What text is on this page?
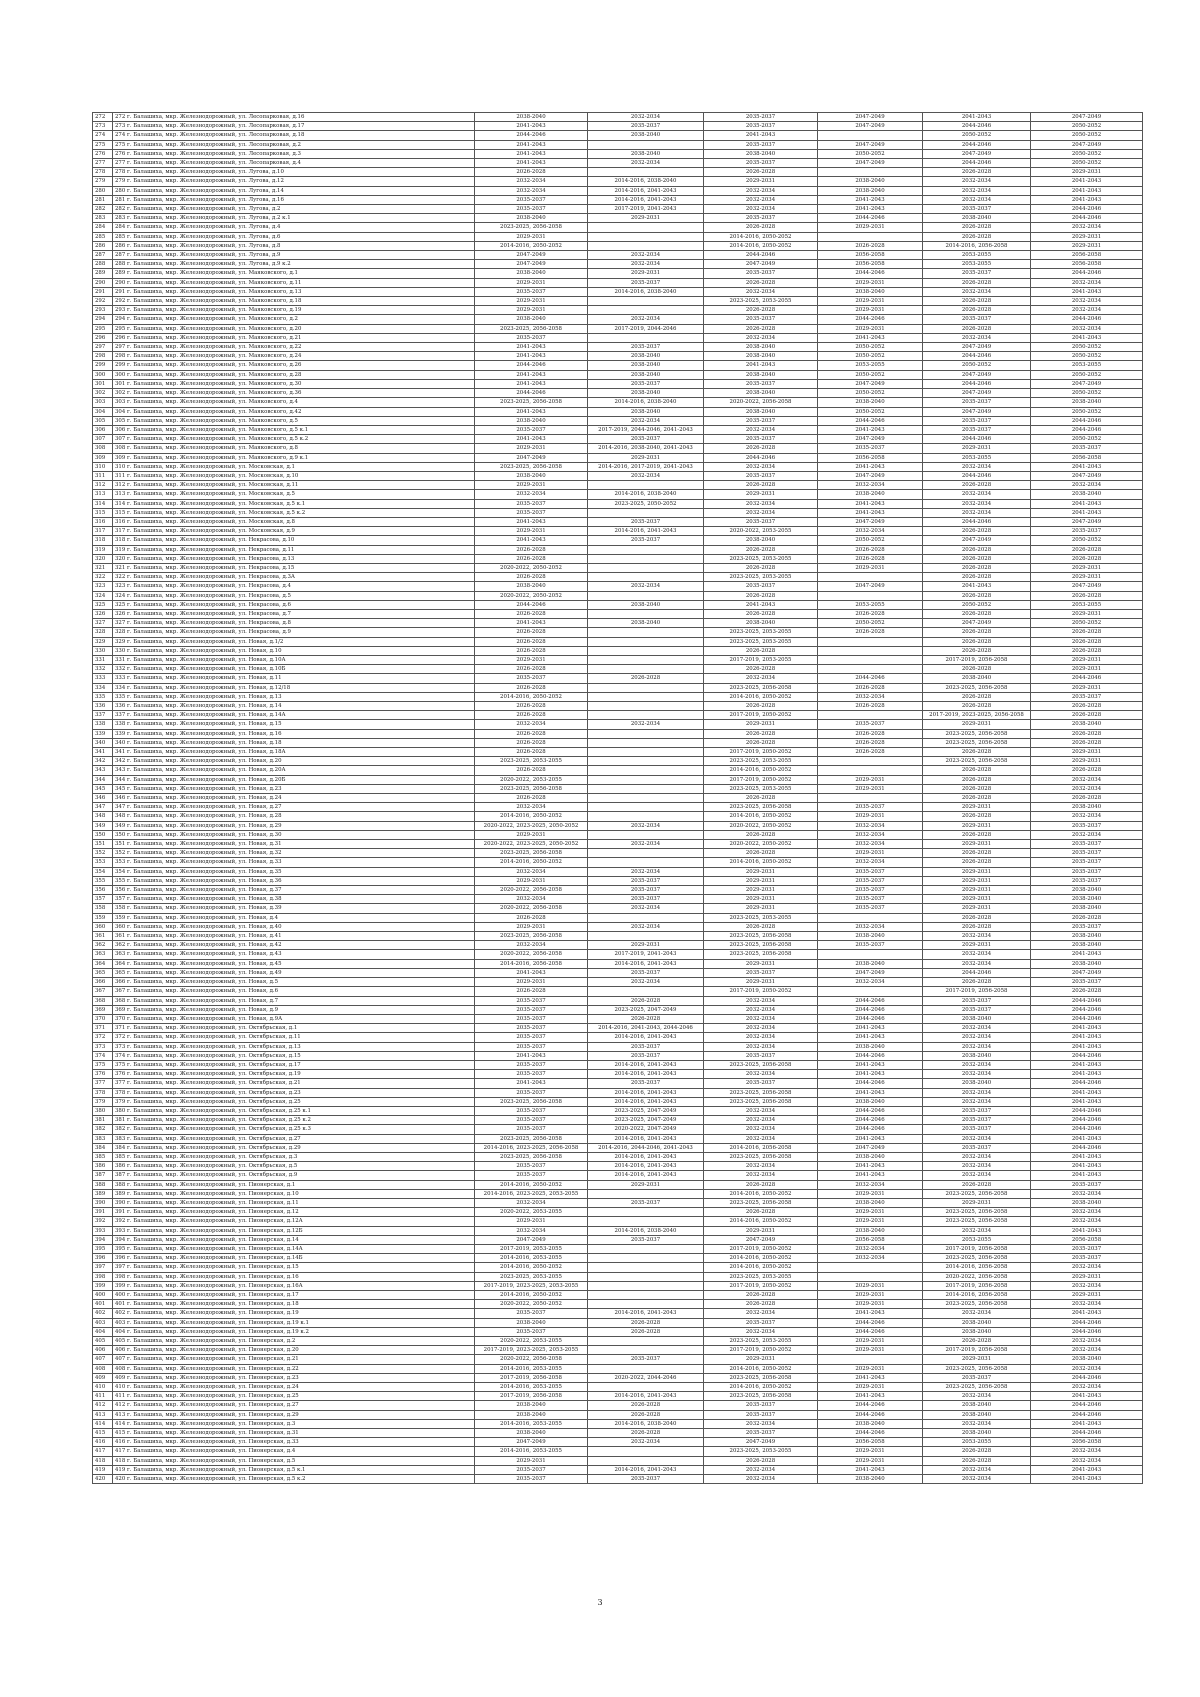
272	272 г. Балашиха, мкр. Железнодорожный, ул. Лесопарковая, д.16	2038-2040	2032-2034	2035-2037	2047-2049	2041-2043	2047-2049
273	273 г. Балашиха, мкр. Железнодорожный, ул. Лесопарковая, д.17	2041-2043	2035-2037	2035-2037	2047-2049	2044-2046	2050-2052
274	274 г. Балашиха, мкр. Железнодорожный, ул. Лесопарковая, д.18	2044-2046	2038-2040	2041-2043		2050-2052	2050-2052
275	275 г. Балашиха, мкр. Железнодорожный, ул. Лесопарковая, д.2	2041-2043		2035-2037	2047-2049	2044-2046	2047-2049
276	276 г. Балашиха, мкр. Железнодорожный, ул. Лесопарковая, д.3	2041-2043	2038-2040	2038-2040	2050-2052	2047-2049	2050-2052
277	277 г. Балашиха, мкр. Железнодорожный, ул. Лесопарковая, д.4	2041-2043	2032-2034	2035-2037	2047-2049	2044-2046	2050-2052
278	278 г. Балашиха, мкр. Железнодорожный, ул. Лугова, д.10	2026-2028		2026-2028		2026-2028	2029-2031
279	279 г. Балашиха, мкр. Железнодорожный, ул. Лугова, д.12	2032-2034	2014-2016, 2038-2040	2029-2031	2038-2040	2032-2034	2041-2043
280	280 г. Балашиха, мкр. Железнодорожный, ул. Лугова, д.14	2032-2034	2014-2016, 2041-2043	2032-2034	2038-2040	2032-2034	2041-2043
281	281 г. Балашиха, мкр. Железнодорожный, ул. Лугова, д.16	2035-2037	2014-2016, 2041-2043	2032-2034	2041-2043	2032-2034	2041-2043
282	282 г. Балашиха, мкр. Железнодорожный, ул. Лугова, д.2	2035-2037	2017-2019, 2041-2043	2032-2034	2041-2043	2035-2037	2044-2046
283	283 г. Балашиха, мкр. Железнодорожный, ул. Лугова, д.2 к.1	2038-2040	2029-2031	2035-2037	2044-2046	2038-2040	2044-2046
284	284 г. Балашиха, мкр. Железнодорожный, ул. Лугова, д.4	2023-2025, 2056-2058		2026-2028	2029-2031	2026-2028	2032-2034
285	285 г. Балашиха, мкр. Железнодорожный, ул. Лугова, д.6	2029-2031		2014-2016, 2050-2052		2026-2028	2029-2031
286	286 г. Балашиха, мкр. Железнодорожный, ул. Лугова, д.8	2014-2016, 2050-2052		2014-2016, 2050-2052	2026-2028	2014-2016, 2056-2058	2029-2031
287	287 г. Балашиха, мкр. Железнодорожный, ул. Лугова, д.9	2047-2049	2032-2034	2044-2046	2056-2058	2053-2055	2056-2058
288	288 г. Балашиха, мкр. Железнодорожный, ул. Лугова, д.9 к.2	2047-2049	2032-2034	2047-2049	2056-2058	2053-2055	2056-2058
289	289 г. Балашиха, мкр. Железнодорожный, ул. Маяковского, д.1	2038-2040	2029-2031	2035-2037	2044-2046	2035-2037	2044-2046
290	290 г. Балашиха, мкр. Железнодорожный, ул. Маяковского, д.11	2029-2031	2035-2037	2026-2028	2029-2031	2026-2028	2032-2034
291	291 г. Балашиха, мкр. Железнодорожный, ул. Маяковского, д.13	2035-2037	2014-2016, 2038-2040	2032-2034	2038-2040	2032-2034	2041-2043
292	292 г. Балашиха, мкр. Железнодорожный, ул. Маяковского, д.18	2029-2031		2023-2025, 2053-2055	2029-2031	2026-2028	2032-2034
293	293 г. Балашиха, мкр. Железнодорожный, ул. Маяковского, д.19	2029-2031		2026-2028	2029-2031	2026-2028	2032-2034
294	294 г. Балашиха, мкр. Железнодорожный, ул. Маяковского, д.2	2038-2040	2032-2034	2035-2037	2044-2046	2035-2037	2044-2046
295	295 г. Балашиха, мкр. Железнодорожный, ул. Маяковского, д.20	2023-2025, 2056-2058	2017-2019, 2044-2046	2026-2028	2029-2031	2026-2028	2032-2034
296	296 г. Балашиха, мкр. Железнодорожный, ул. Маяковского, д.21	2035-2037		2032-2034	2041-2043	2032-2034	2041-2043
297	297 г. Балашиха, мкр. Железнодорожный, ул. Маяковского, д.22	2041-2043	2035-2037	2038-2040	2050-2052	2047-2049	2050-2052
298	298 г. Балашиха, мкр. Железнодорожный, ул. Маяковского, д.24	2041-2043	2038-2040	2038-2040	2050-2052	2044-2046	2050-2052
299	299 г. Балашиха, мкр. Железнодорожный, ул. Маяковского, д.26	2044-2046	2038-2040	2041-2043	2053-2055	2050-2052	2053-2055
300	300 г. Балашиха, мкр. Железнодорожный, ул. Маяковского, д.28	2041-2043	2038-2040	2038-2040	2050-2052	2047-2049	2050-2052
301	301 г. Балашиха, мкр. Железнодорожный, ул. Маяковского, д.30	2041-2043	2035-2037	2035-2037	2047-2049	2044-2046	2047-2049
302	302 г. Балашиха, мкр. Железнодорожный, ул. Маяковского, д.36	2044-2046	2038-2040	2038-2040	2050-2052	2047-2049	2050-2052
303	303 г. Балашиха, мкр. Железнодорожный, ул. Маяковского, д.4	2023-2025, 2056-2058	2014-2016, 2038-2040	2020-2022, 2056-2058	2038-2040	2035-2037	2038-2040
304	304 г. Балашиха, мкр. Железнодорожный, ул. Маяковского, д.42	2041-2043	2038-2040	2038-2040	2050-2052	2047-2049	2050-2052
305	305 г. Балашиха, мкр. Железнодорожный, ул. Маяковского, д.5	2038-2040	2032-2034	2035-2037	2044-2046	2035-2037	2044-2046
306	306 г. Балашиха, мкр. Железнодорожный, ул. Маяковского, д.5 к.1	2035-2037	2017-2019, 2044-2046, 2041-2043	2032-2034	2041-2043	2035-2037	2044-2046
307	307 г. Балашиха, мкр. Железнодорожный, ул. Маяковского, д.5 к.2	2041-2043	2035-2037	2035-2037	2047-2049	2044-2046	2050-2052
308	308 г. Балашиха, мкр. Железнодорожный, ул. Маяковского, д.8	2029-2031	2014-2016, 2038-2040, 2041-2043	2026-2028	2035-2037	2029-2031	2035-2037
309	309 г. Балашиха, мкр. Железнодорожный, ул. Маяковского, д.9 к.1	2047-2049	2029-2031	2044-2046	2056-2058	2053-2055	2056-2058
310	310 г. Балашиха, мкр. Железнодорожный, ул. Московская, д.1	2023-2025, 2056-2058	2014-2016, 2017-2019, 2041-2043	2032-2034	2041-2043	2032-2034	2041-2043
311	311 г. Балашиха, мкр. Железнодорожный, ул. Московская, д.10	2038-2040	2032-2034	2035-2037	2047-2049	2044-2046	2047-2049
312	312 г. Балашиха, мкр. Железнодорожный, ул. Московская, д.11	2029-2031		2026-2028	2032-2034	2026-2028	2032-2034
313	313 г. Балашиха, мкр. Железнодорожный, ул. Московская, д.5	2032-2034	2014-2016, 2038-2040	2029-2031	2038-2040	2032-2034	2038-2040
314	314 г. Балашиха, мкр. Железнодорожный, ул. Московская, д.5 к.1	2035-2037	2023-2025, 2050-2052	2032-2034	2041-2043	2032-2034	2041-2043
315	315 г. Балашиха, мкр. Железнодорожный, ул. Московская, д.5 к.2	2035-2037		2032-2034	2041-2043	2032-2034	2041-2043
316	316 г. Балашиха, мкр. Железнодорожный, ул. Московская, д.8	2041-2043	2035-2037	2035-2037	2047-2049	2044-2046	2047-2049
317	317 г. Балашиха, мкр. Железнодорожный, ул. Московская, д.9	2029-2031	2014-2016, 2041-2043	2020-2022, 2053-2055	2032-2034	2026-2028	2035-2037
318	318 г. Балашиха, мкр. Железнодорожный, ул. Некрасова, д.10	2041-2043	2035-2037	2038-2040	2050-2052	2047-2049	2050-2052
319	319 г. Балашиха, мкр. Железнодорожный, ул. Некрасова, д.11	2026-2028		2026-2028	2026-2028	2026-2028	2026-2028
320	320 г. Балашиха, мкр. Железнодорожный, ул. Некрасова, д.13	2026-2028		2023-2025, 2053-2055	2026-2028	2026-2028	2026-2028
321	321 г. Балашиха, мкр. Железнодорожный, ул. Некрасова, д.15	2020-2022, 2050-2052		2026-2028	2029-2031	2026-2028	2029-2031
322	322 г. Балашиха, мкр. Железнодорожный, ул. Некрасова, д.3А	2026-2028		2023-2025, 2053-2055		2026-2028	2029-2031
323	323 г. Балашиха, мкр. Железнодорожный, ул. Некрасова, д.4	2038-2040	2032-2034	2035-2037	2047-2049	2041-2043	2047-2049
324	324 г. Балашиха, мкр. Железнодорожный, ул. Некрасова, д.5	2020-2022, 2050-2052		2026-2028		2026-2028	2026-2028
325	325 г. Балашиха, мкр. Железнодорожный, ул. Некрасова, д.6	2044-2046	2038-2040	2041-2043	2053-2055	2050-2052	2053-2055
326	326 г. Балашиха, мкр. Железнодорожный, ул. Некрасова, д.7	2026-2028		2026-2028	2026-2028	2026-2028	2029-2031
327	327 г. Балашиха, мкр. Железнодорожный, ул. Некрасова, д.8	2041-2043	2038-2040	2038-2040	2050-2052	2047-2049	2050-2052
328	328 г. Балашиха, мкр. Железнодорожный, ул. Некрасова, д.9	2026-2028		2023-2025, 2053-2055	2026-2028	2026-2028	2026-2028
329	329 г. Балашиха, мкр. Железнодорожный, ул. Новая, д.1/2	2026-2028		2023-2025, 2053-2055		2026-2028	2026-2028
330	330 г. Балашиха, мкр. Железнодорожный, ул. Новая, д.10	2026-2028		2026-2028		2026-2028	2026-2028
331	331 г. Балашиха, мкр. Железнодорожный, ул. Новая, д.10А	2029-2031		2017-2019, 2053-2055		2017-2019, 2056-2058	2029-2031
332	332 г. Балашиха, мкр. Железнодорожный, ул. Новая, д.10Б	2026-2028		2026-2028		2026-2028	2029-2031
333	333 г. Балашиха, мкр. Железнодорожный, ул. Новая, д.11	2035-2037	2026-2028	2032-2034	2044-2046	2038-2040	2044-2046
334	334 г. Балашиха, мкр. Железнодорожный, ул. Новая, д.12/18	2026-2028		2023-2025, 2056-2058	2026-2028	2023-2025, 2056-2058	2029-2031
335	335 г. Балашиха, мкр. Железнодорожный, ул. Новая, д.13	2014-2016, 2050-2052		2014-2016, 2050-2052	2032-2034	2026-2028	2035-2037
336	336 г. Балашиха, мкр. Железнодорожный, ул. Новая, д.14	2026-2028		2026-2028	2026-2028	2026-2028	2026-2028
337	337 г. Балашиха, мкр. Железнодорожный, ул. Новая, д.14А	2026-2028		2017-2019, 2050-2052		2017-2019, 2023-2025, 2056-2058	2026-2028
338	338 г. Балашиха, мкр. Железнодорожный, ул. Новая, д.15	2032-2034	2032-2034	2029-2031	2035-2037	2029-2031	2038-2040
339	339 г. Балашиха, мкр. Железнодорожный, ул. Новая, д.16	2026-2028		2026-2028	2026-2028	2023-2025, 2056-2058	2026-2028
340	340 г. Балашиха, мкр. Железнодорожный, ул. Новая, д.18	2026-2028		2026-2028	2026-2028	2023-2025, 2056-2058	2026-2028
341	341 г. Балашиха, мкр. Железнодорожный, ул. Новая, д.18А	2026-2028		2017-2019, 2050-2052	2026-2028	2026-2028	2029-2031
342	342 г. Балашиха, мкр. Железнодорожный, ул. Новая, д.20	2023-2025, 2053-2055		2023-2025, 2053-2055		2023-2025, 2056-2058	2029-2031
343	343 г. Балашиха, мкр. Железнодорожный, ул. Новая, д.20А	2026-2028		2014-2016, 2050-2052		2026-2028	2026-2028
344	344 г. Балашиха, мкр. Железнодорожный, ул. Новая, д.20Б	2020-2022, 2053-2055		2017-2019, 2050-2052	2029-2031	2026-2028	2032-2034
345	345 г. Балашиха, мкр. Железнодорожный, ул. Новая, д.23	2023-2025, 2056-2058		2023-2025, 2053-2055	2029-2031	2026-2028	2032-2034
346	346 г. Балашиха, мкр. Железнодорожный, ул. Новая, д.24	2026-2028		2026-2028		2026-2028	2026-2028
347	347 г. Балашиха, мкр. Железнодорожный, ул. Новая, д.27	2032-2034		2023-2025, 2056-2058	2035-2037	2029-2031	2038-2040
348	348 г. Балашиха, мкр. Железнодорожный, ул. Новая, д.28	2014-2016, 2050-2052		2014-2016, 2050-2052	2029-2031	2026-2028	2032-2034
349	349 г. Балашиха, мкр. Железнодорожный, ул. Новая, д.29	2020-2022, 2023-2025, 2050-2052	2032-2034	2020-2022, 2050-2052	2032-2034	2029-2031	2035-2037
350	350 г. Балашиха, мкр. Железнодорожный, ул. Новая, д.30	2029-2031		2026-2028	2032-2034	2026-2028	2032-2034
351	351 г. Балашиха, мкр. Железнодорожный, ул. Новая, д.31	2020-2022, 2023-2025, 2050-2052	2032-2034	2020-2022, 2050-2052	2032-2034	2029-2031	2035-2037
352	352 г. Балашиха, мкр. Железнодорожный, ул. Новая, д.32	2023-2025, 2056-2058		2026-2028	2029-2031	2026-2028	2035-2037
353	353 г. Балашиха, мкр. Железнодорожный, ул. Новая, д.33	2014-2016, 2050-2052		2014-2016, 2050-2052	2032-2034	2026-2028	2035-2037
354	354 г. Балашиха, мкр. Железнодорожный, ул. Новая, д.35	2032-2034	2032-2034	2029-2031	2035-2037	2029-2031	2035-2037
355	355 г. Балашиха, мкр. Железнодорожный, ул. Новая, д.36	2029-2031	2035-2037	2029-2031	2035-2037	2029-2031	2035-2037
356	356 г. Балашиха, мкр. Железнодорожный, ул. Новая, д.37	2020-2022, 2056-2058	2035-2037	2029-2031	2035-2037	2029-2031	2038-2040
357	357 г. Балашиха, мкр. Железнодорожный, ул. Новая, д.38	2032-2034	2035-2037	2029-2031	2035-2037	2029-2031	2038-2040
358	358 г. Балашиха, мкр. Железнодорожный, ул. Новая, д.39	2020-2022, 2056-2058	2032-2034	2029-2031	2035-2037	2029-2031	2038-2040
359	359 г. Балашиха, мкр. Железнодорожный, ул. Новая, д.4	2026-2028		2023-2025, 2053-2055		2026-2028	2026-2028
360	360 г. Балашиха, мкр. Железнодорожный, ул. Новая, д.40	2029-2031	2032-2034	2026-2028	2032-2034	2026-2028	2035-2037
361	361 г. Балашиха, мкр. Железнодорожный, ул. Новая, д.41	2023-2025, 2056-2058		2023-2025, 2056-2058	2038-2040	2032-2034	2038-2040
362	362 г. Балашиха, мкр. Железнодорожный, ул. Новая, д.42	2032-2034	2029-2031	2023-2025, 2056-2058	2035-2037	2029-2031	2038-2040
363	363 г. Балашиха, мкр. Железнодорожный, ул. Новая, д.43	2020-2022, 2056-2058	2017-2019, 2041-2043	2023-2025, 2056-2058		2032-2034	2041-2043
364	364 г. Балашиха, мкр. Железнодорожный, ул. Новая, д.45	2014-2016, 2056-2058	2014-2016, 2041-2043	2029-2031	2038-2040	2032-2034	2038-2040
365	365 г. Балашиха, мкр. Железнодорожный, ул. Новая, д.49	2041-2043	2035-2037	2035-2037	2047-2049	2044-2046	2047-2049
366	366 г. Балашиха, мкр. Железнодорожный, ул. Новая, д.5	2029-2031	2032-2034	2029-2031	2032-2034	2026-2028	2035-2037
367	367 г. Балашиха, мкр. Железнодорожный, ул. Новая, д.6	2026-2028		2017-2019, 2050-2052		2017-2019, 2056-2058	2026-2028
368	368 г. Балашиха, мкр. Железнодорожный, ул. Новая, д.7	2035-2037	2026-2028	2032-2034	2044-2046	2035-2037	2044-2046
369	369 г. Балашиха, мкр. Железнодорожный, ул. Новая, д.9	2035-2037	2023-2025, 2047-2049	2032-2034	2044-2046	2035-2037	2044-2046
370	370 г. Балашиха, мкр. Железнодорожный, ул. Новая, д.9А	2035-2037	2026-2028	2032-2034	2044-2046	2038-2040	2044-2046
371	371 г. Балашиха, мкр. Железнодорожный, ул. Октябрьская, д.1	2035-2037	2014-2016, 2041-2043, 2044-2046	2032-2034	2041-2043	2032-2034	2041-2043
372	372 г. Балашиха, мкр. Железнодорожный, ул. Октябрьская, д.11	2035-2037	2014-2016, 2041-2043	2032-2034	2041-2043	2032-2034	2041-2043
373	373 г. Балашиха, мкр. Железнодорожный, ул. Октябрьская, д.13	2035-2037	2035-2037	2032-2034	2038-2040	2032-2034	2041-2043
374	374 г. Балашиха, мкр. Железнодорожный, ул. Октябрьская, д.15	2041-2043	2035-2037	2035-2037	2044-2046	2038-2040	2044-2046
375	375 г. Балашиха, мкр. Железнодорожный, ул. Октябрьская, д.17	2035-2037	2014-2016, 2041-2043	2023-2025, 2056-2058	2041-2043	2032-2034	2041-2043
376	376 г. Балашиха, мкр. Железнодорожный, ул. Октябрьская, д.19	2035-2037	2014-2016, 2041-2043	2032-2034	2041-2043	2032-2034	2041-2043
377	377 г. Балашиха, мкр. Железнодорожный, ул. Октябрьская, д.21	2041-2043	2035-2037	2035-2037	2044-2046	2038-2040	2044-2046
378	378 г. Балашиха, мкр. Железнодорожный, ул. Октябрьская, д.23	2035-2037	2014-2016, 2041-2043	2023-2025, 2056-2058	2041-2043	2032-2034	2041-2043
379	379 г. Балашиха, мкр. Железнодорожный, ул. Октябрьская, д.25	2023-2025, 2056-2058	2014-2016, 2041-2043	2023-2025, 2056-2058	2038-2040	2032-2034	2041-2043
380	380 г. Балашиха, мкр. Железнодорожный, ул. Октябрьская, д.25 к.1	2035-2037	2023-2025, 2047-2049	2032-2034	2044-2046	2035-2037	2044-2046
381	381 г. Балашиха, мкр. Железнодорожный, ул. Октябрьская, д.25 к.2	2035-2037	2023-2025, 2047-2049	2032-2034	2044-2046	2035-2037	2044-2046
382	382 г. Балашиха, мкр. Железнодорожный, ул. Октябрьская, д.25 к.3	2035-2037	2020-2022, 2047-2049	2032-2034	2044-2046	2035-2037	2044-2046
383	383 г. Балашиха, мкр. Железнодорожный, ул. Октябрьская, д.27	2023-2025, 2056-2058	2014-2016, 2041-2043	2032-2034	2041-2043	2032-2034	2041-2043
384	384 г. Балашиха, мкр. Железнодорожный, ул. Октябрьская, д.29	2014-2016, 2023-2025, 2056-2058	2014-2016, 2044-2046, 2041-2043	2014-2016, 2056-2058	2047-2049	2035-2037	2044-2046
385	385 г. Балашиха, мкр. Железнодорожный, ул. Октябрьская, д.3	2023-2025, 2056-2058	2014-2016, 2041-2043	2023-2025, 2056-2058	2038-2040	2032-2034	2041-2043
386	386 г. Балашиха, мкр. Железнодорожный, ул. Октябрьская, д.5	2035-2037	2014-2016, 2041-2043	2032-2034	2041-2043	2032-2034	2041-2043
387	387 г. Балашиха, мкр. Железнодорожный, ул. Октябрьская, д.9	2035-2037	2014-2016, 2041-2043	2032-2034	2041-2043	2032-2034	2041-2043
388	388 г. Балашиха, мкр. Железнодорожный, ул. Пионерская, д.1	2014-2016, 2050-2052	2029-2031	2026-2028	2032-2034	2026-2028	2035-2037
389	389 г. Балашиха, мкр. Железнодорожный, ул. Пионерская, д.10	2014-2016, 2023-2025, 2053-2055		2014-2016, 2050-2052	2029-2031	2023-2025, 2056-2058	2032-2034
390	390 г. Балашиха, мкр. Железнодорожный, ул. Пионерская, д.11	2032-2034	2035-2037	2023-2025, 2056-2058	2038-2040	2029-2031	2038-2040
391	391 г. Балашиха, мкр. Железнодорожный, ул. Пионерская, д.12	2020-2022, 2053-2055		2026-2028	2029-2031	2023-2025, 2056-2058	2032-2034
392	392 г. Балашиха, мкр. Железнодорожный, ул. Пионерская, д.12А	2029-2031		2014-2016, 2050-2052	2029-2031	2023-2025, 2056-2058	2032-2034
393	393 г. Балашиха, мкр. Железнодорожный, ул. Пионерская, д.12Б	2032-2034	2014-2016, 2038-2040	2029-2031	2038-2040	2032-2034	2041-2043
394	394 г. Балашиха, мкр. Железнодорожный, ул. Пионерская, д.14	2047-2049	2035-2037	2047-2049	2056-2058	2053-2055	2056-2058
395	395 г. Балашиха, мкр. Железнодорожный, ул. Пионерская, д.14А	2017-2019, 2053-2055		2017-2019, 2050-2052	2032-2034	2017-2019, 2056-2058	2035-2037
396	396 г. Балашиха, мкр. Железнодорожный, ул. Пионерская, д.14Б	2014-2016, 2053-2055		2014-2016, 2050-2052	2032-2034	2023-2025, 2056-2058	2035-2037
397	397 г. Балашиха, мкр. Железнодорожный, ул. Пионерская, д.15	2014-2016, 2050-2052		2014-2016, 2050-2052		2014-2016, 2056-2058	2032-2034
398	398 г. Балашиха, мкр. Железнодорожный, ул. Пионерская, д.16	2023-2025, 2053-2055		2023-2025, 2053-2055		2020-2022, 2056-2058	2029-2031
399	399 г. Балашиха, мкр. Железнодорожный, ул. Пионерская, д.16А	2017-2019, 2023-2025, 2053-2055		2017-2019, 2050-2052	2029-2031	2017-2019, 2056-2058	2032-2034
400	400 г. Балашиха, мкр. Железнодорожный, ул. Пионерская, д.17	2014-2016, 2050-2052		2026-2028	2029-2031	2014-2016, 2056-2058	2029-2031
401	401 г. Балашиха, мкр. Железнодорожный, ул. Пионерская, д.18	2020-2022, 2050-2052		2026-2028	2029-2031	2023-2025, 2056-2058	2032-2034
402	402 г. Балашиха, мкр. Железнодорожный, ул. Пионерская, д.19	2035-2037	2014-2016, 2041-2043	2032-2034	2041-2043	2032-2034	2041-2043
403	403 г. Балашиха, мкр. Железнодорожный, ул. Пионерская, д.19 к.1	2038-2040	2026-2028	2035-2037	2044-2046	2038-2040	2044-2046
404	404 г. Балашиха, мкр. Железнодорожный, ул. Пионерская, д.19 к.2	2035-2037	2026-2028	2032-2034	2044-2046	2038-2040	2044-2046
405	405 г. Балашиха, мкр. Железнодорожный, ул. Пионерская, д.2	2020-2022, 2053-2055		2023-2025, 2053-2055	2029-2031	2026-2028	2032-2034
406	406 г. Балашиха, мкр. Железнодорожный, ул. Пионерская, д.20	2017-2019, 2023-2025, 2053-2055		2017-2019, 2050-2052	2029-2031	2017-2019, 2056-2058	2032-2034
407	407 г. Балашиха, мкр. Железнодорожный, ул. Пионерская, д.21	2020-2022, 2056-2058	2035-2037	2029-2031		2029-2031	2038-2040
408	408 г. Балашиха, мкр. Железнодорожный, ул. Пионерская, д.22	2014-2016, 2053-2055		2014-2016, 2050-2052	2029-2031	2023-2025, 2056-2058	2032-2034
409	409 г. Балашиха, мкр. Железнодорожный, ул. Пионерская, д.23	2017-2019, 2056-2058	2020-2022, 2044-2046	2023-2025, 2056-2058	2041-2043	2035-2037	2044-2046
410	410 г. Балашиха, мкр. Железнодорожный, ул. Пионерская, д.24	2014-2016, 2053-2055		2014-2016, 2050-2052	2029-2031	2023-2025, 2056-2058	2032-2034
411	411 г. Балашиха, мкр. Железнодорожный, ул. Пионерская, д.25	2017-2019, 2056-2058	2014-2016, 2041-2043	2023-2025, 2056-2058	2041-2043	2032-2034	2041-2043
412	412 г. Балашиха, мкр. Железнодорожный, ул. Пионерская, д.27	2038-2040	2026-2028	2035-2037	2044-2046	2038-2040	2044-2046
413	413 г. Балашиха, мкр. Железнодорожный, ул. Пионерская, д.29	2038-2040	2026-2028	2035-2037	2044-2046	2038-2040	2044-2046
414	414 г. Балашиха, мкр. Железнодорожный, ул. Пионерская, д.3	2014-2016, 2053-2055	2014-2016, 2038-2040	2032-2034	2038-2040	2032-2034	2041-2043
415	415 г. Балашиха, мкр. Железнодорожный, ул. Пионерская, д.31	2038-2040	2026-2028	2035-2037	2044-2046	2038-2040	2044-2046
416	416 г. Балашиха, мкр. Железнодорожный, ул. Пионерская, д.33	2047-2049	2032-2034	2047-2049	2056-2058	2053-2055	2056-2058
417	417 г. Балашиха, мкр. Железнодорожный, ул. Пионерская, д.4	2014-2016, 2053-2055		2023-2025, 2053-2055	2029-2031	2026-2028	2032-2034
418	418 г. Балашиха, мкр. Железнодорожный, ул. Пионерская, д.5	2029-2031		2026-2028	2029-2031	2026-2028	2032-2034
419	419 г. Балашиха, мкр. Железнодорожный, ул. Пионерская, д.5 к.1	2035-2037	2014-2016, 2041-2043	2032-2034	2041-2043	2032-2034	2041-2043
420	420 г. Балашиха, мкр. Железнодорожный, ул. Пионерская, д.5 к.2	2035-2037	2035-2037	2032-2034	2038-2040	2032-2034	2041-2043
3
